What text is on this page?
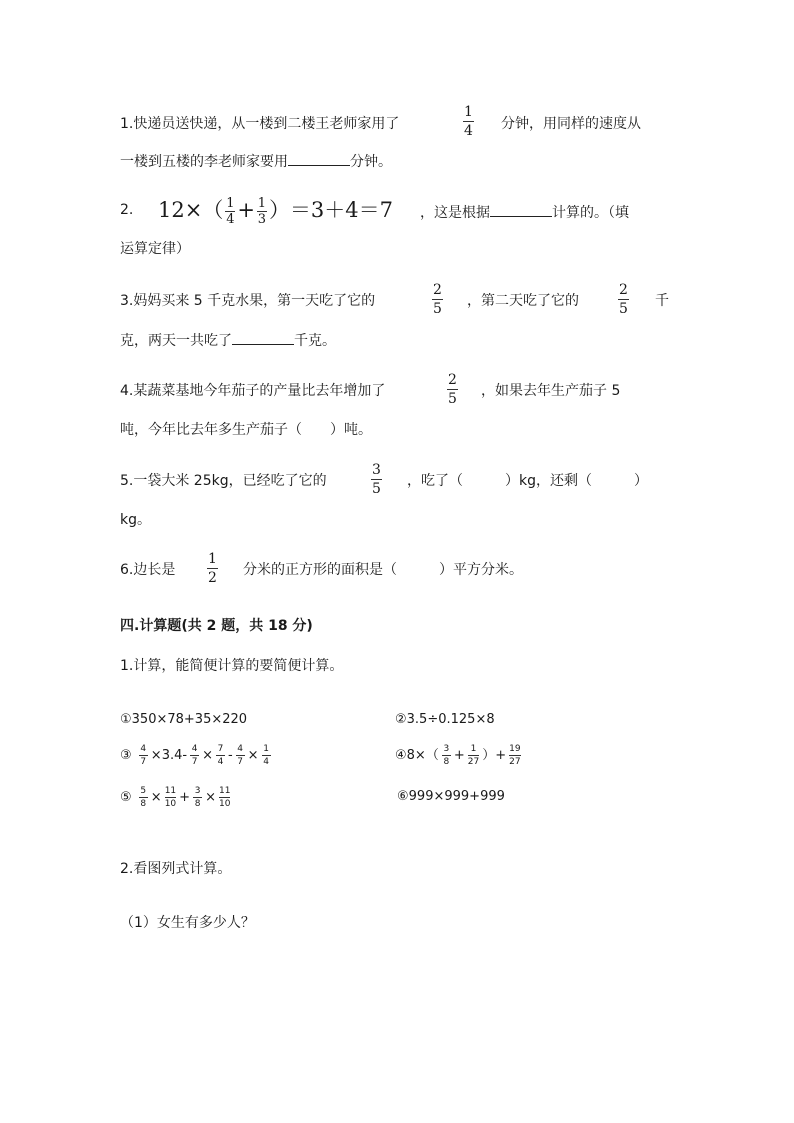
1.快递员送快递，从一楼到二楼王老师家用了
1
4 分钟，用同样的速度从
一楼到五楼的李老师家要用	分钟。
2. $12\times( \frac{1}{4} + \frac{1}{3} )=3+4=7$ ，这是根据	计算的。（填
运算定律）
3.妈妈买来 5 千克水果，第一天吃了它的
2
5 ，第二天吃了它的
2
5 千
克，两天一共吃了	千克。
4.某蔬菜基地今年茄子的产量比去年增加了
2
5 ，如果去年生产茄子 5
吨，今年比去年多生产茄子（　　）吨。
5.一袋大米 25kg，已经吃了它的
3
5 ，吃了（　　　）kg，还剩（　　　）
kg。
6.边长是
1
2 分米的正方形的面积是（　　　）平方分米。
四.计算题(共 2 题，共 18 分)
1.计算，能简便计算的要简便计算。
①350×78+35×220	②3.5÷0.125×8
③ $\frac{4}{7} \times 3.4- \frac{4}{7} \times \frac{7}{4} - \frac{4}{7} \times \frac{1}{4}$	④8×（ $\frac{3}{8} + \frac{1}{27}$ ）+ $\frac{19}{27}$
⑤ $\frac{5}{8} \times \frac{11}{10} + \frac{3}{8} \times \frac{11}{10}$	⑥999×999+999
2.看图列式计算。
（1）女生有多少人？
